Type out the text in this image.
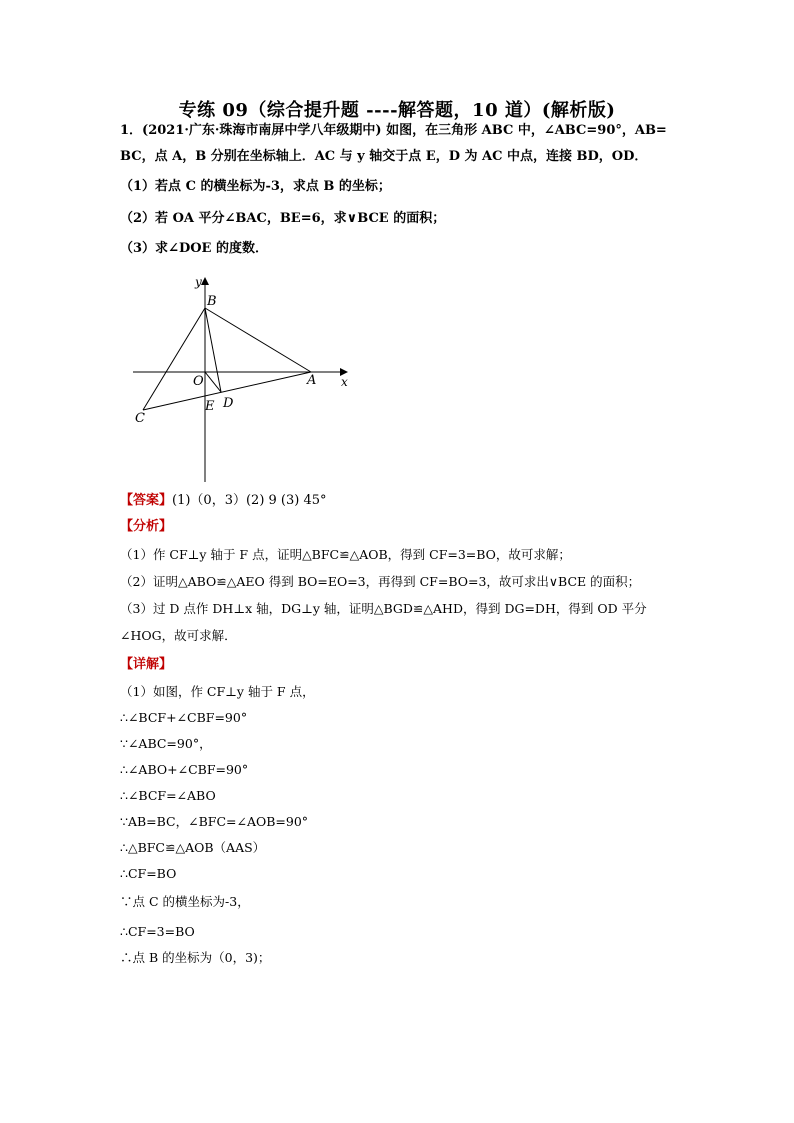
专练 09（综合提升题 ----解答题，10 道）(解析版)
1．(2021·广东·珠海市南屏中学八年级期中) 如图，在三角形 ABC 中，∠ABC=90°，AB=
BC，点 A，B 分别在坐标轴上．AC 与 y 轴交于点 E，D 为 AC 中点，连接 BD，OD．
（1）若点 C 的横坐标为-3，求点 B 的坐标；
（2）若 OA 平分∠BAC，BE=6，求∨BCE 的面积；
（3）求∠DOE 的度数．
y
x
B
O	A
E D
C
【答案】(1)（0，3）(2) 9 (3) 45°
【分析】
（1）作 CF⊥y 轴于 F 点，证明△BFC≌△AOB，得到 CF=3=BO，故可求解；
（2）证明△ABO≌△AEO 得到 BO=EO=3，再得到 CF=BO=3，故可求出∨BCE 的面积；
（3）过 D 点作 DH⊥x 轴，DG⊥y 轴，证明△BGD≌△AHD，得到 DG=DH，得到 OD 平分
∠HOG，故可求解．
【详解】
（1）如图，作 CF⊥y 轴于 F 点，
∴∠BCF+∠CBF=90°
∵∠ABC=90°，
∴∠ABO+∠CBF=90°
∴∠BCF=∠ABO
∵AB=BC，∠BFC=∠AOB=90°
∴△BFC≌△AOB（AAS）
∴CF=BO
∵点 C 的横坐标为-3，
∴CF=3=BO
∴点 B 的坐标为（0，3)；
